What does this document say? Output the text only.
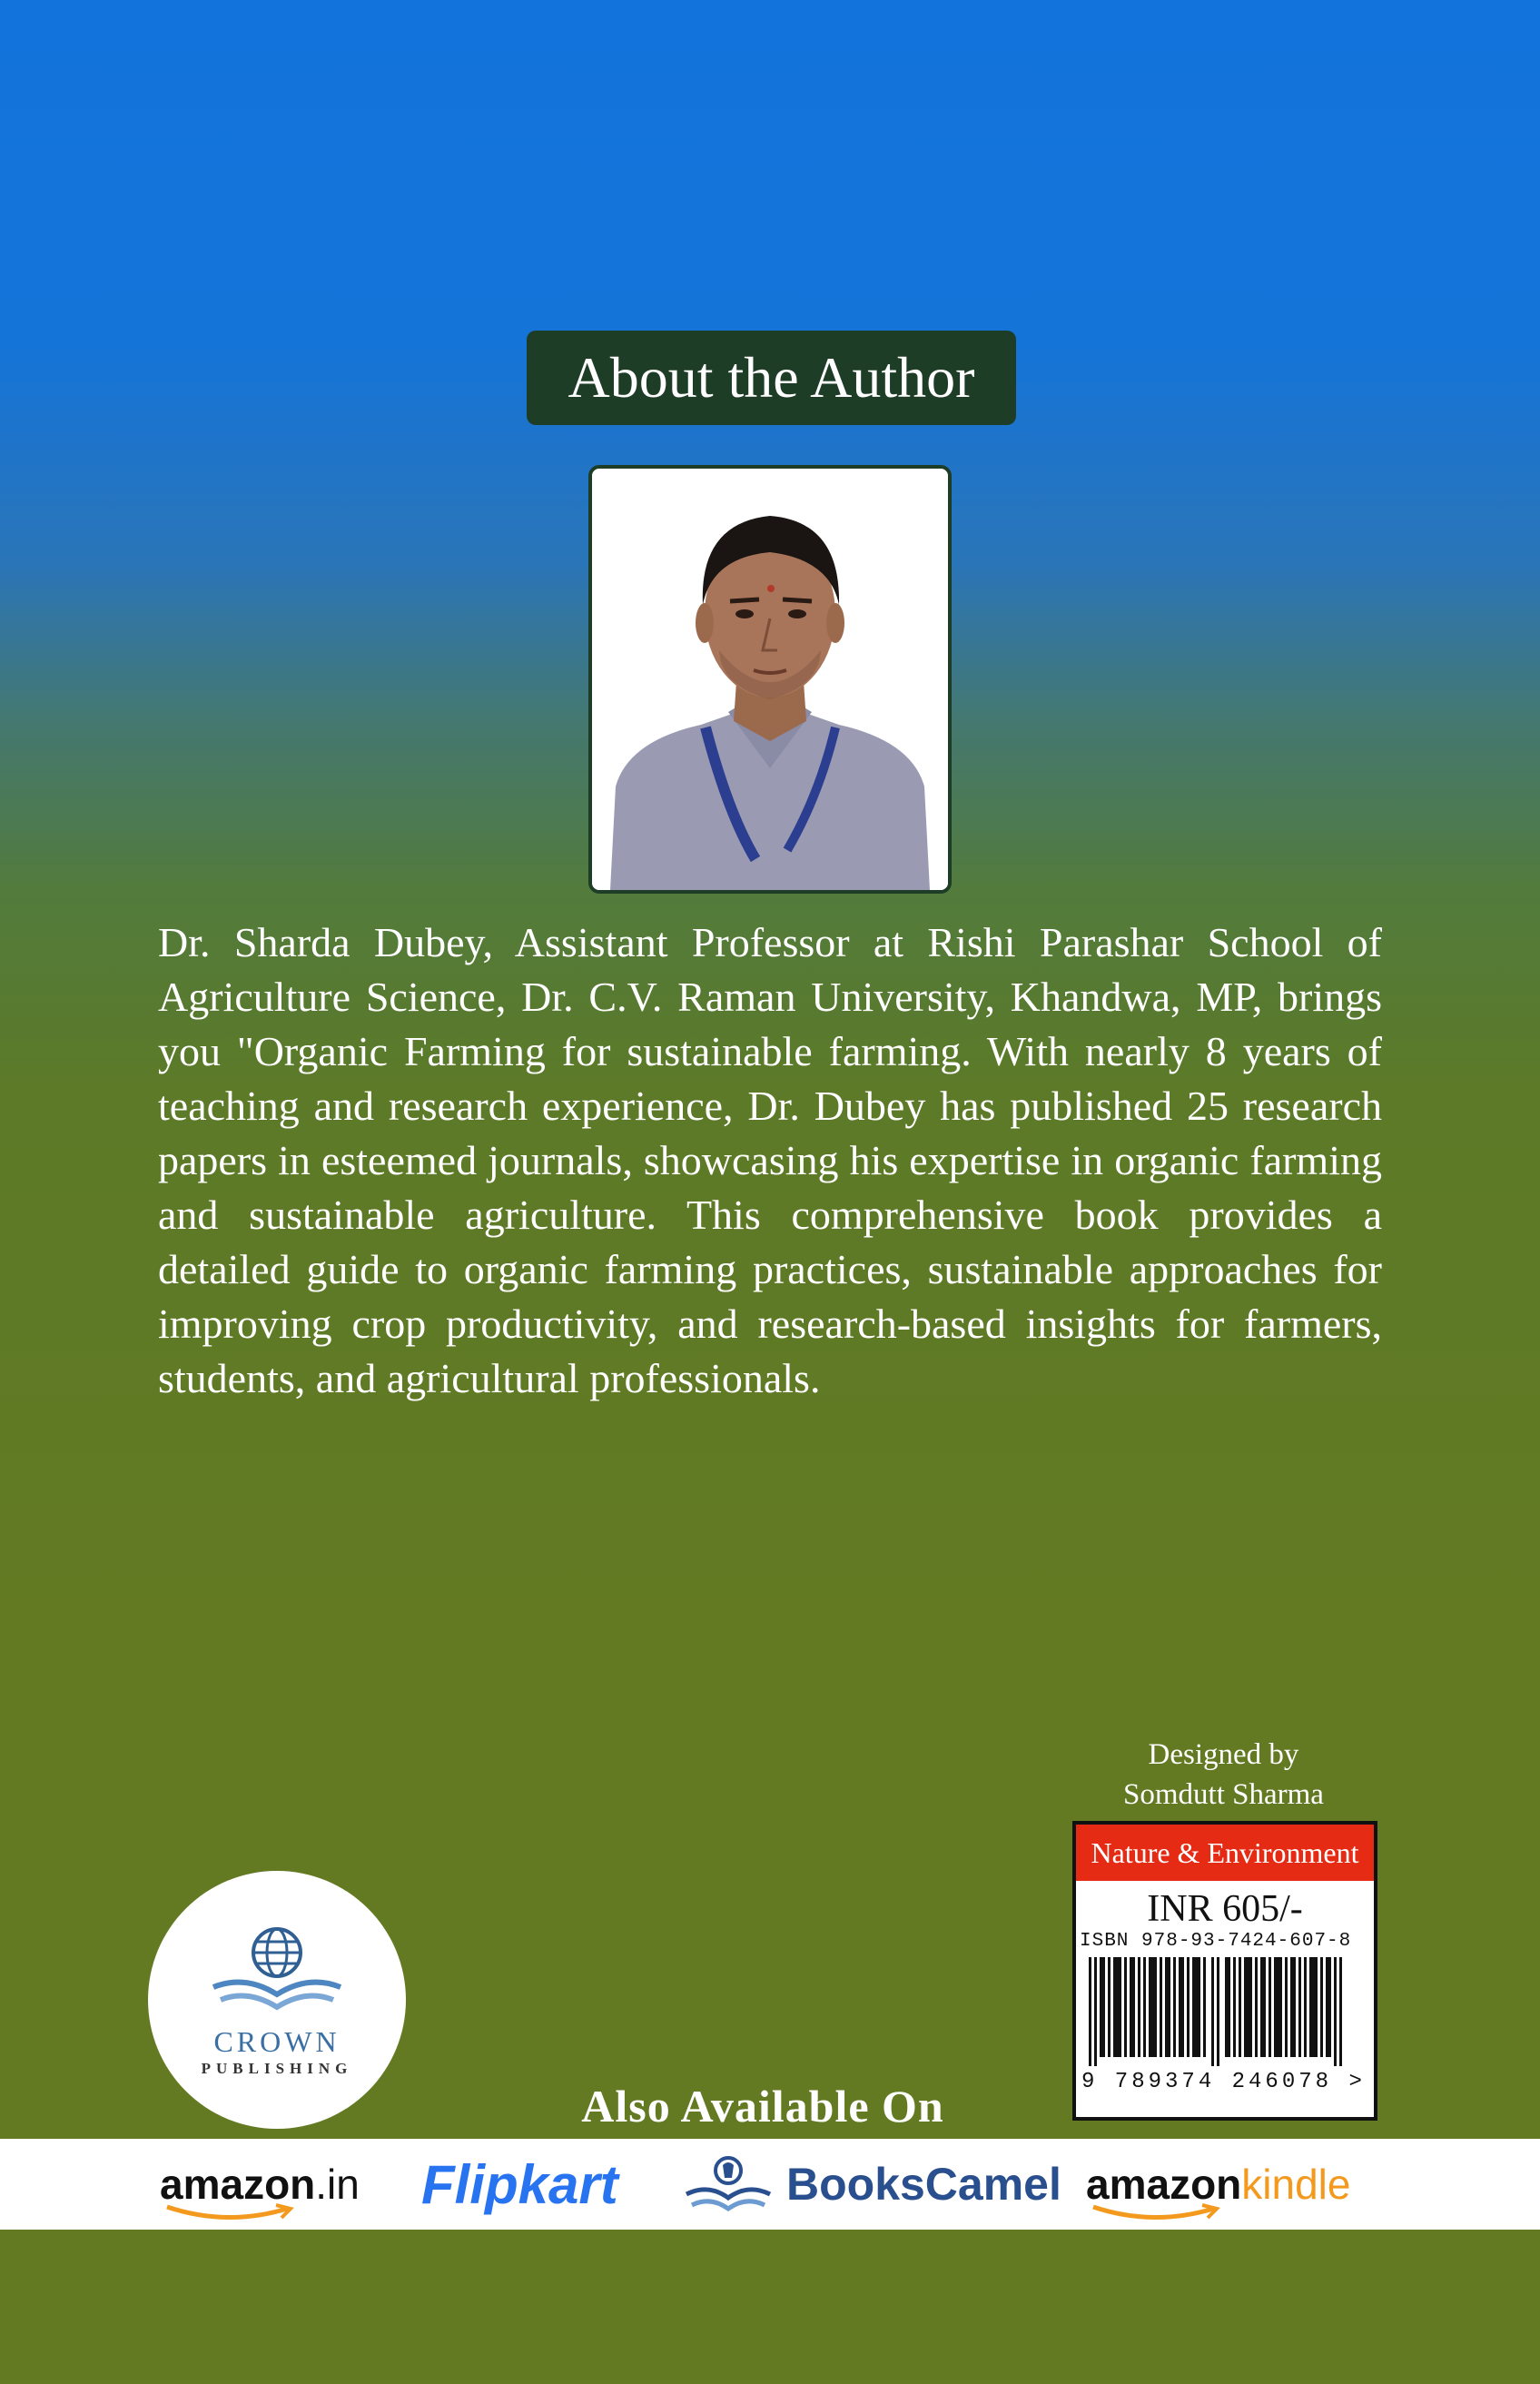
About the Author
Dr. Sharda Dubey, Assistant Professor at Rishi Parashar School of Agriculture Science, Dr. C.V. Raman University, Khandwa, MP, brings you "Organic Farming for sustainable farming. With nearly 8 years of teaching and research experience, Dr. Dubey has published 25 research papers in esteemed journals, showcasing his expertise in organic farming and sustainable agriculture. This comprehensive book provides a detailed guide to organic farming practices, sustainable approaches for improving crop productivity, and research-based insights for farmers, students, and agricultural professionals.
Designed by
Somdutt Sharma
Nature & Environment
INR 605/-
ISBN 978-93-7424-607-8
9 789374 246078 >
CROWN
PUBLISHING
Also Available On
amazon.in Flipkart	BooksCamel amazonkindle
